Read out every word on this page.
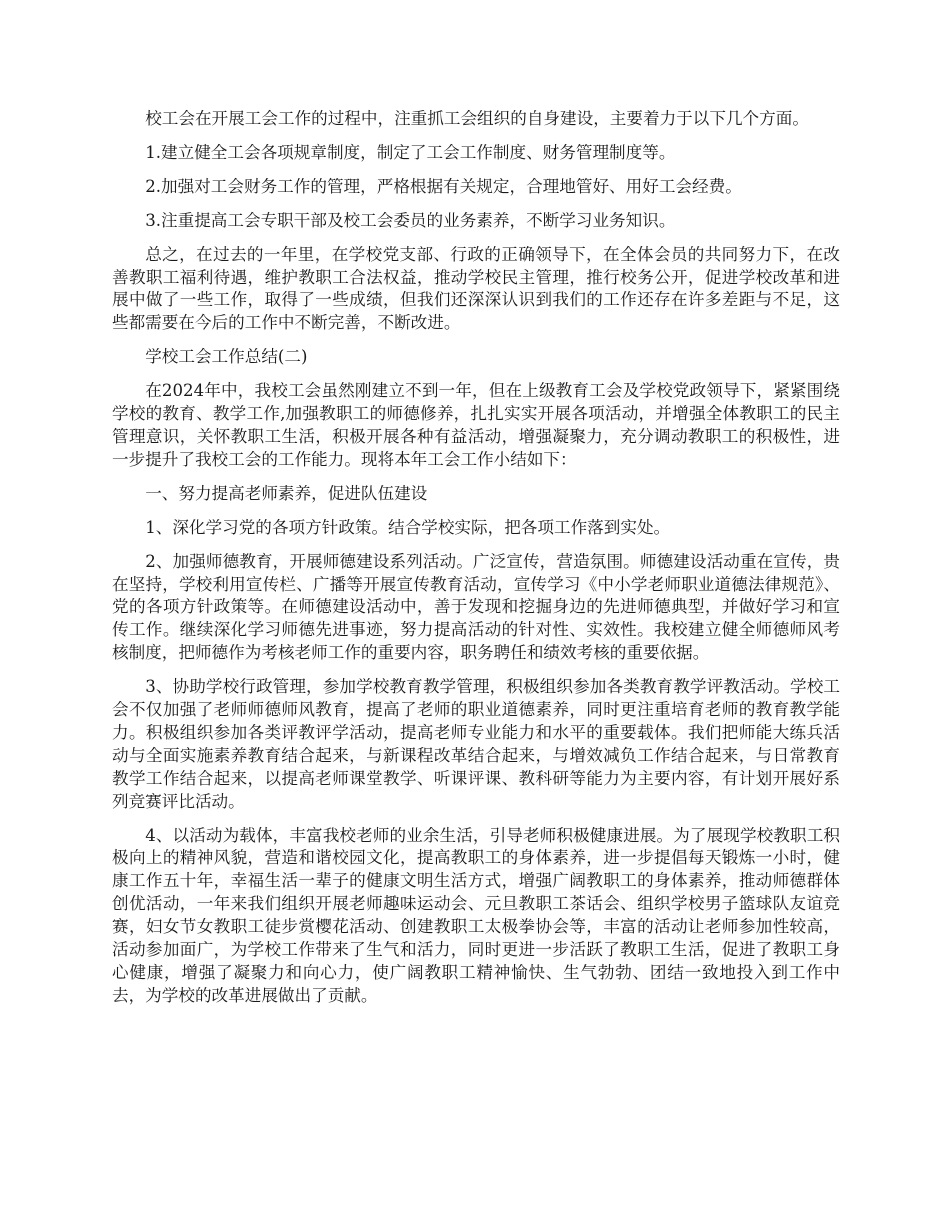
校工会在开展工会工作的过程中，注重抓工会组织的自身建设，主要着力于以下几个方面。

1.建立健全工会各项规章制度，制定了工会工作制度、财务管理制度等。

2.加强对工会财务工作的管理，严格根据有关规定，合理地管好、用好工会经费。

3.注重提高工会专职干部及校工会委员的业务素养，不断学习业务知识。

总之，在过去的一年里，在学校党支部、行政的正确领导下，在全体会员的共同努力下，在改善教职工福利待遇，维护教职工合法权益，推动学校民主管理，推行校务公开，促进学校改革和进展中做了一些工作，取得了一些成绩，但我们还深深认识到我们的工作还存在许多差距与不足，这些都需要在今后的工作中不断完善，不断改进。

学校工会工作总结(二)

在2024年中，我校工会虽然刚建立不到一年，但在上级教育工会及学校党政领导下，紧紧围绕学校的教育、教学工作,加强教职工的师德修养，扎扎实实开展各项活动，并增强全体教职工的民主管理意识，关怀教职工生活，积极开展各种有益活动，增强凝聚力，充分调动教职工的积极性，进一步提升了我校工会的工作能力。现将本年工会工作小结如下：

一、努力提高老师素养，促进队伍建设

1、深化学习党的各项方针政策。结合学校实际，把各项工作落到实处。

2、加强师德教育，开展师德建设系列活动。广泛宣传，营造氛围。师德建设活动重在宣传，贵在坚持，学校利用宣传栏、广播等开展宣传教育活动，宣传学习《中小学老师职业道德法律规范》、党的各项方针政策等。在师德建设活动中，善于发现和挖掘身边的先进师德典型，并做好学习和宣传工作。继续深化学习师德先进事迹，努力提高活动的针对性、实效性。我校建立健全师德师风考核制度，把师德作为考核老师工作的重要内容，职务聘任和绩效考核的重要依据。

3、协助学校行政管理，参加学校教育教学管理，积极组织参加各类教育教学评教活动。学校工会不仅加强了老师师德师风教育，提高了老师的职业道德素养，同时更注重培育老师的教育教学能力。积极组织参加各类评教评学活动，提高老师专业能力和水平的重要载体。我们把师能大练兵活动与全面实施素养教育结合起来，与新课程改革结合起来，与增效减负工作结合起来，与日常教育教学工作结合起来，以提高老师课堂教学、听课评课、教科研等能力为主要内容，有计划开展好系列竞赛评比活动。

4、以活动为载体，丰富我校老师的业余生活，引导老师积极健康进展。为了展现学校教职工积极向上的精神风貌，营造和谐校园文化，提高教职工的身体素养，进一步提倡每天锻炼一小时，健康工作五十年，幸福生活一辈子的健康文明生活方式，增强广阔教职工的身体素养，推动师德群体创优活动，一年来我们组织开展老师趣味运动会、元旦教职工茶话会、组织学校男子篮球队友谊竞赛，妇女节女教职工徒步赏樱花活动、创建教职工太极拳协会等，丰富的活动让老师参加性较高，活动参加面广，为学校工作带来了生气和活力，同时更进一步活跃了教职工生活，促进了教职工身心健康，增强了凝聚力和向心力，使广阔教职工精神愉快、生气勃勃、团结一致地投入到工作中去，为学校的改革进展做出了贡献。
